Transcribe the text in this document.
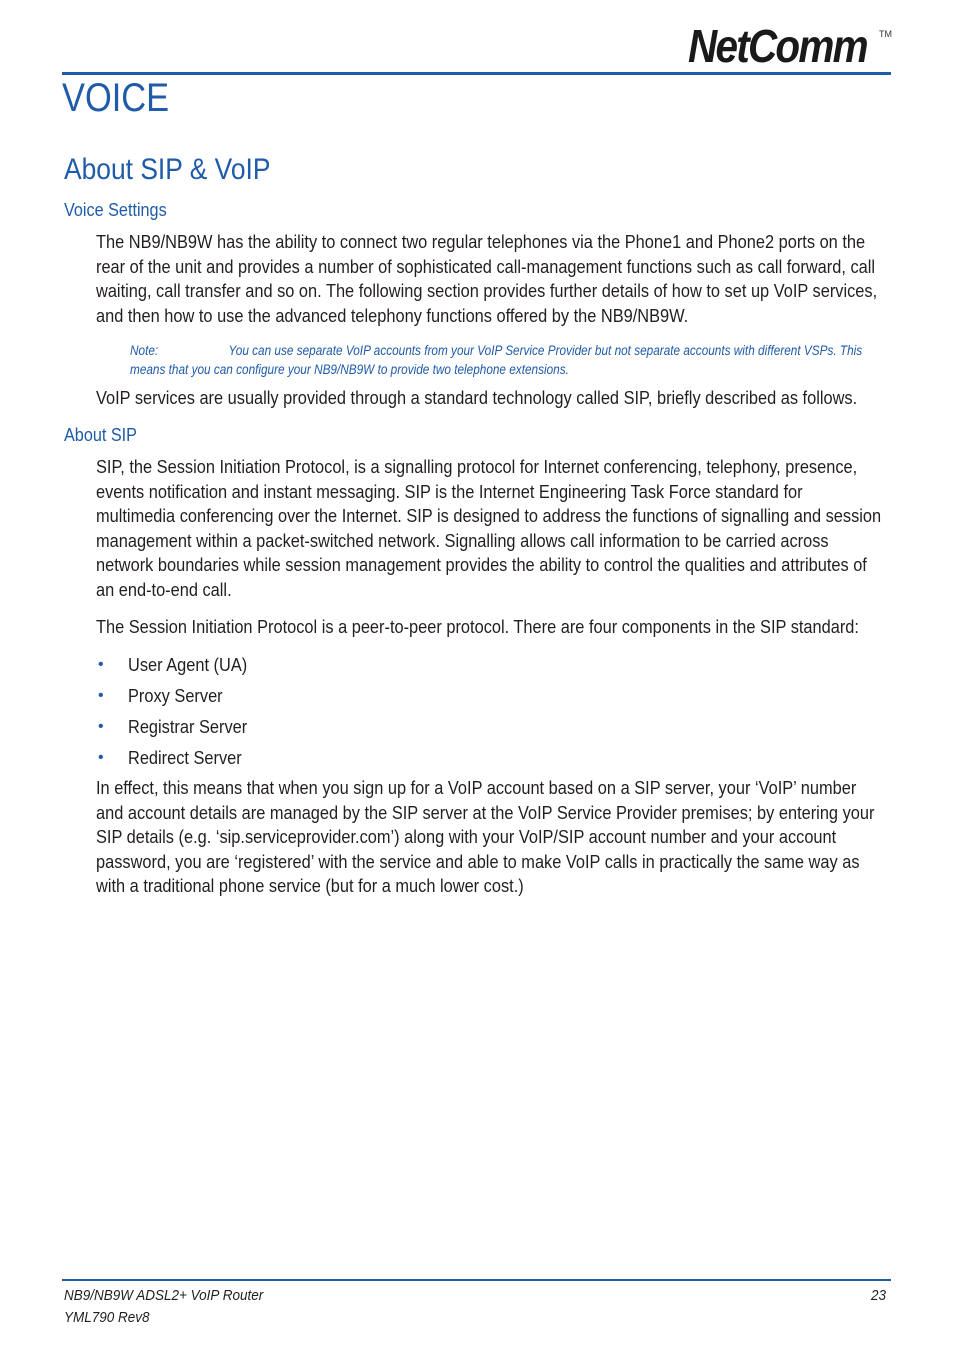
NetComm TM
VOICE
About SIP & VoIP
Voice Settings

The NB9/NB9W has the ability to connect two regular telephones via the Phone1 and Phone2 ports on the rear of the unit and provides a number of sophisticated call-management functions such as call forward, call waiting, call transfer and so on. The following section provides further details of how to set up VoIP services, and then how to use the advanced telephony functions offered by the NB9/NB9W.

Note:	You can use separate VoIP accounts from your VoIP Service Provider but not separate accounts with different VSPs. This means that you can configure your NB9/NB9W to provide two telephone extensions.

VoIP services are usually provided through a standard technology called SIP, briefly described as follows.

About SIP

SIP, the Session Initiation Protocol, is a signalling protocol for Internet conferencing, telephony, presence, events notification and instant messaging. SIP is the Internet Engineering Task Force standard for multimedia conferencing over the Internet. SIP is designed to address the functions of signalling and session management within a packet-switched network. Signalling allows call information to be carried across network boundaries while session management provides the ability to control the qualities and attributes of an end-to-end call.

The Session Initiation Protocol is a peer-to-peer protocol. There are four components in the SIP standard:

• User Agent (UA)
• Proxy Server
• Registrar Server
• Redirect Server

In effect, this means that when you sign up for a VoIP account based on a SIP server, your ‘VoIP’ number and account details are managed by the SIP server at the VoIP Service Provider premises; by entering your SIP details (e.g. ‘sip.serviceprovider.com’) along with your VoIP/SIP account number and your account password, you are ‘registered’ with the service and able to make VoIP calls in practically the same way as with a traditional phone service (but for a much lower cost.)

NB9/NB9W ADSL2+ VoIP Router
YML790 Rev8
23
